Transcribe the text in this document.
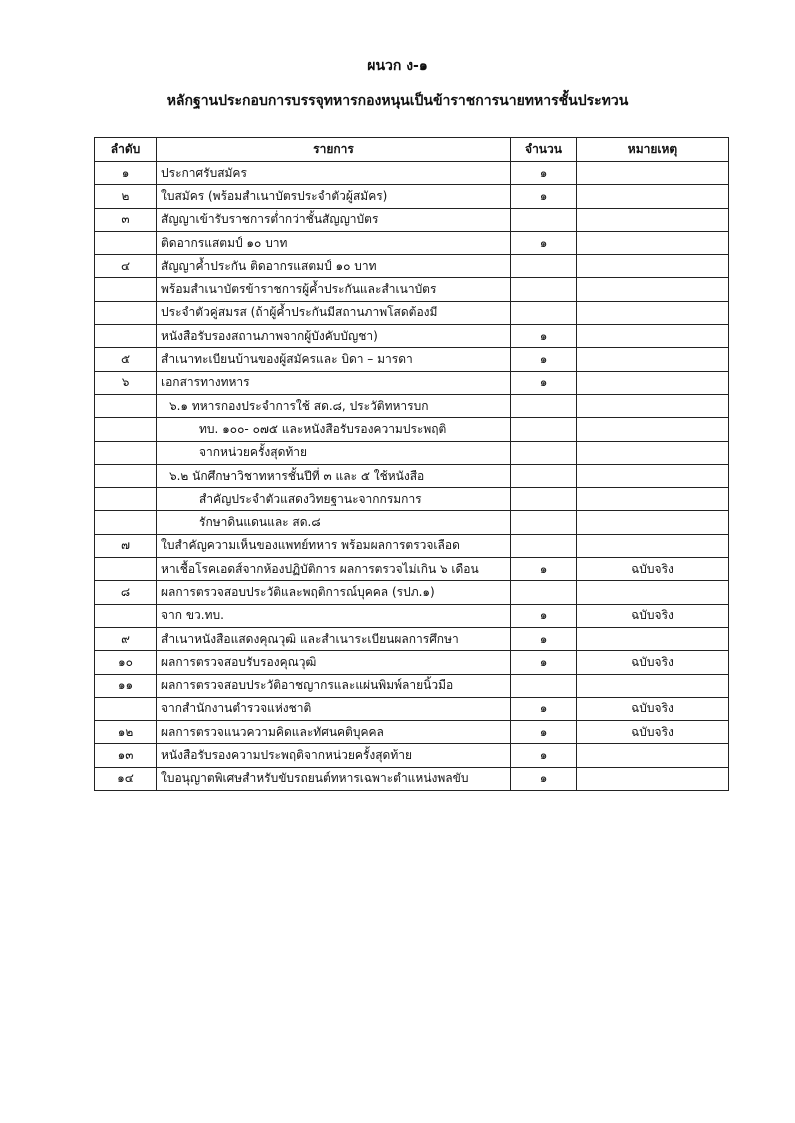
ผนวก ง-๑
หลักฐานประกอบการบรรจุทหารกองหนุนเป็นข้าราชการนายทหารชั้นประทวน
ลำดับ	รายการ	จำนวน	หมายเหตุ
๑	ประกาศรับสมัคร	๑	
๒	ใบสมัคร (พร้อมสำเนาบัตรประจำตัวผู้สมัคร)	๑	
๓	สัญญาเข้ารับราชการต่ำกว่าชั้นสัญญาบัตร		
	ติดอากรแสตมป์ ๑๐ บาท	๑	
๔	สัญญาค้ำประกัน ติดอากรแสตมป์ ๑๐ บาท		
	พร้อมสำเนาบัตรข้าราชการผู้ค้ำประกันและสำเนาบัตร		
	ประจำตัวคู่สมรส (ถ้าผู้ค้ำประกันมีสถานภาพโสดต้องมี		
	หนังสือรับรองสถานภาพจากผู้บังคับบัญชา)	๑	
๕	สำเนาทะเบียนบ้านของผู้สมัครและ บิดา – มารดา	๑	
๖	เอกสารทางทหาร	๑	
	๖.๑ ทหารกองประจำการใช้ สด.๘, ประวัติทหารบก		
	ทบ. ๑๐๐- ๐๗๕ และหนังสือรับรองความประพฤติ		
	จากหน่วยครั้งสุดท้าย		
	๖.๒ นักศึกษาวิชาทหารชั้นปีที่ ๓ และ ๕ ใช้หนังสือ		
	สำคัญประจำตัวแสดงวิทยฐานะจากกรมการ		
	รักษาดินแดนและ สด.๘		
๗	ใบสำคัญความเห็นของแพทย์ทหาร พร้อมผลการตรวจเลือด		
	หาเชื้อโรคเอดส์จากห้องปฏิบัติการ ผลการตรวจไม่เกิน ๖ เดือน	๑	ฉบับจริง
๘	ผลการตรวจสอบประวัติและพฤติการณ์บุคคล (รปภ.๑)		
	จาก ขว.ทบ.	๑	ฉบับจริง
๙	สำเนาหนังสือแสดงคุณวุฒิ และสำเนาระเบียนผลการศึกษา	๑	
๑๐	ผลการตรวจสอบรับรองคุณวุฒิ	๑	ฉบับจริง
๑๑	ผลการตรวจสอบประวัติอาชญากรและแผ่นพิมพ์ลายนิ้วมือ		
	จากสำนักงานตำรวจแห่งชาติ	๑	ฉบับจริง
๑๒	ผลการตรวจแนวความคิดและทัศนคติบุคคล	๑	ฉบับจริง
๑๓	หนังสือรับรองความประพฤติจากหน่วยครั้งสุดท้าย	๑	
๑๔	ใบอนุญาตพิเศษสำหรับขับรถยนต์ทหารเฉพาะตำแหน่งพลขับ	๑	
